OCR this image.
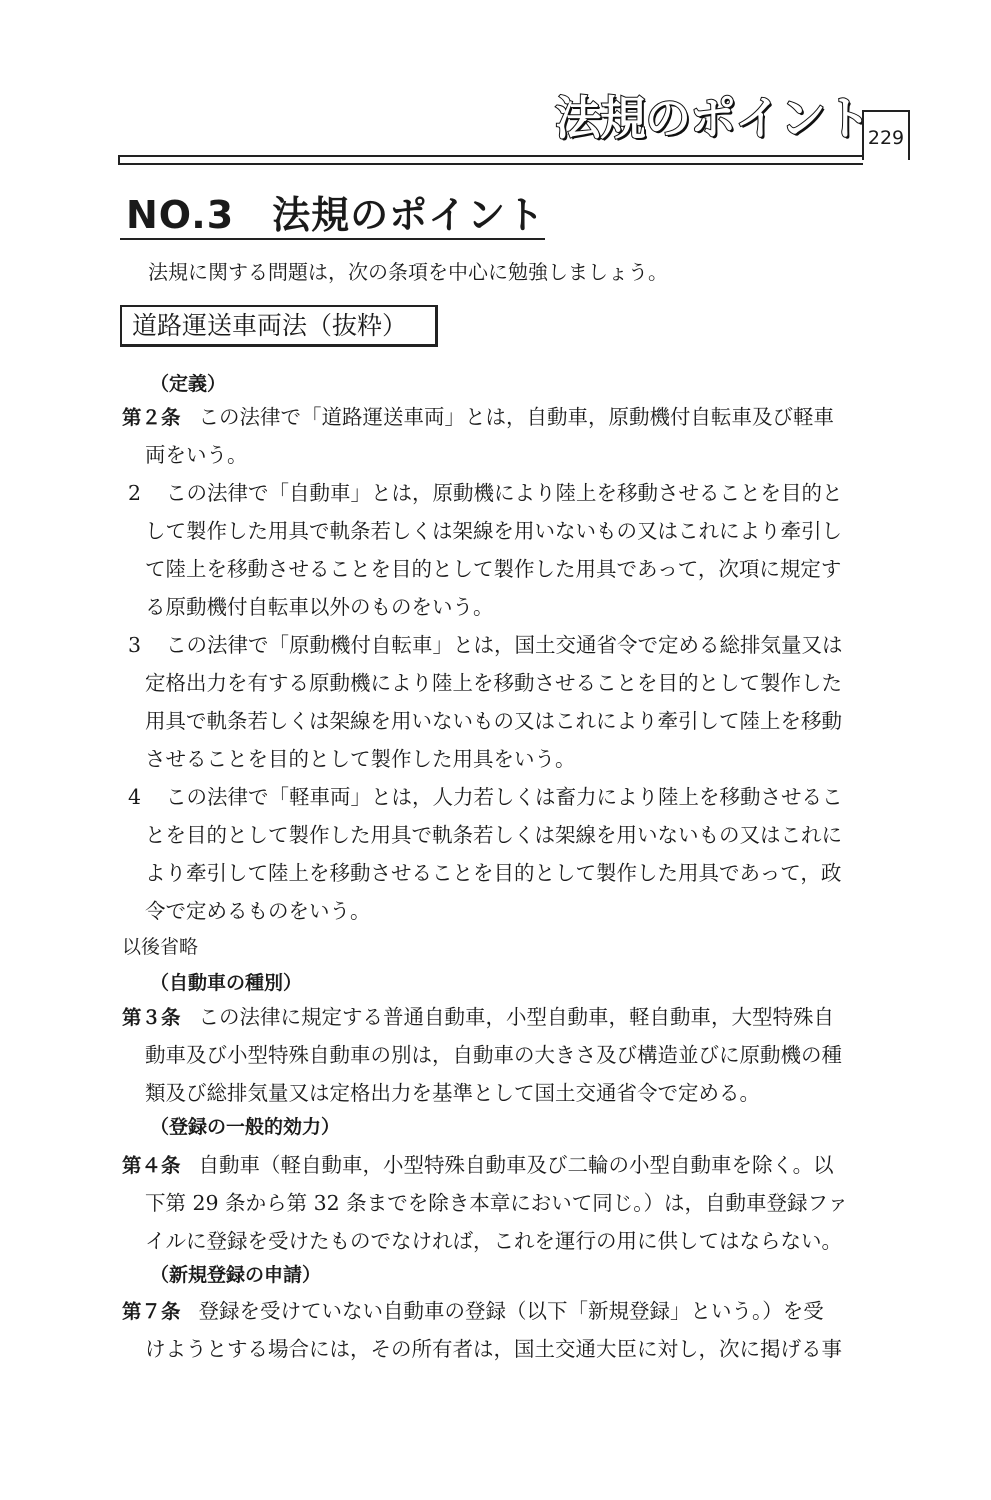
法規のポイント
229
NO.3 法規のポイント
法規に関する問題は，次の条項を中心に勉強しましょう。
道路運送車両法（抜粋）
（定義）
第２条 この法律で「道路運送車両」とは，自動車，原動機付自転車及び軽車
両をいう。
2 この法律で「自動車」とは，原動機により陸上を移動させることを目的と
して製作した用具で軌条若しくは架線を用いないもの又はこれにより牽引し
て陸上を移動させることを目的として製作した用具であって，次項に規定す
る原動機付自転車以外のものをいう。
3 この法律で「原動機付自転車」とは，国土交通省令で定める総排気量又は
定格出力を有する原動機により陸上を移動させることを目的として製作した
用具で軌条若しくは架線を用いないもの又はこれにより牽引して陸上を移動
させることを目的として製作した用具をいう。
4 この法律で「軽車両」とは，人力若しくは畜力により陸上を移動させるこ
とを目的として製作した用具で軌条若しくは架線を用いないもの又はこれに
より牽引して陸上を移動させることを目的として製作した用具であって，政
令で定めるものをいう。
以後省略
（自動車の種別）
第３条 この法律に規定する普通自動車，小型自動車，軽自動車，大型特殊自
動車及び小型特殊自動車の別は，自動車の大きさ及び構造並びに原動機の種
類及び総排気量又は定格出力を基準として国土交通省令で定める。
（登録の一般的効力）
第４条 自動車（軽自動車，小型特殊自動車及び二輪の小型自動車を除く。以
下第 29 条から第 32 条までを除き本章において同じ。）は，自動車登録ファ
イルに登録を受けたものでなければ，これを運行の用に供してはならない。
（新規登録の申請）
第７条 登録を受けていない自動車の登録（以下「新規登録」という。）を受
けようとする場合には，その所有者は，国土交通大臣に対し，次に掲げる事
